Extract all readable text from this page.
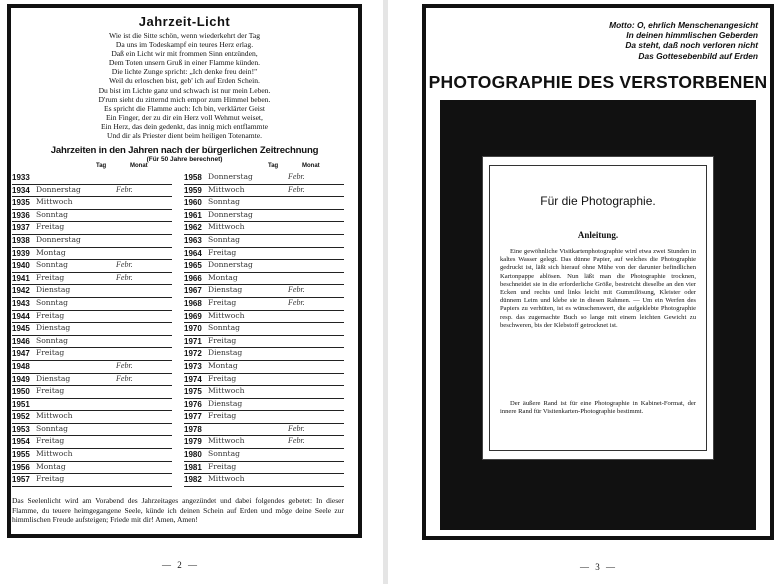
Jahrzeit-Licht
Wie ist die Sitte schön, wenn wiederkehrt der Tag
Da uns im Todeskampf ein teures Herz erlag.
Daß ein Licht wir mit frommen Sinn entzünden,
Dem Toten unsern Gruß in einer Flamme künden.
Die lichte Zunge spricht: „Ich denke freu dein!"
Weil du erloschen bist, geb' ich auf Erden Schein.
Du bist im Lichte ganz und schwach ist nur mein Leben.
D'rum sieht du zitternd mich empor zum Himmel beben.
Es spricht die Flamme auch: Ich bin, verklärter Geist
Ein Finger, der zu dir ein Herz voll Wehmut weiset,
Ein Herz, das dein gedenkt, das innig mich entflammte
Und dir als Priester dient beim heiligen Totenamte.
Jahrzeiten in den Jahren nach der bürgerlichen Zeitrechnung
(Für 50 Jahre berechnet)
Tag	Monat
1933
1934 Donnerstag	Febr.
1935 Mittwoch
1936 Sonntag
1937 Freitag
1938 Donnerstag
1939 Montag
1940 Sonntag	Febr.
1941 Freitag	Febr.
1942 Dienstag
1943 Sonntag
1944 Freitag
1945 Dienstag
1946 Sonntag
1947 Freitag
1948	Febr.
1949 Dienstag	Febr.
1950 Freitag
1951
1952 Mittwoch
1953 Sonntag
1954 Freitag
1955 Mittwoch
1956 Montag
1957 Freitag
Tag	Monat
1958 Donnerstag	Febr.
1959 Mittwoch	Febr.
1960 Sonntag
1961 Donnerstag
1962 Mittwoch
1963 Sonntag
1964 Freitag
1965 Donnerstag
1966 Montag
1967 Dienstag	Febr.
1968 Freitag	Febr.
1969 Mittwoch
1970 Sonntag
1971 Freitag
1972 Dienstag
1973 Montag
1974 Freitag
1975 Mittwoch
1976 Dienstag
1977 Freitag
1978	Febr.
1979 Mittwoch	Febr.
1980 Sonntag
1981 Freitag
1982 Mittwoch
Das Seelenlicht wird am Vorabend des Jahrzeitages angezündet und dabei folgendes gebetet: In dieser Flamme, du teuere heimgegangene Seele, künde ich deinen Schein auf Erden und möge deine Seele zur himmlischen Freude aufsteigen; Friede mit dir! Amen, Amen!
— 2 —
Motto: O, ehrlich Menschenangesicht
In deinen himmlischen Geberden
Da steht, daß noch verloren nicht
Das Gottesebenbild auf Erden
PHOTOGRAPHIE DES VERSTORBENEN
Für die Photographie.
Anleitung.

Eine gewöhnliche Visitkartenphotographie wird etwa zwei Stunden in kaltes Wasser gelegt. Das dünne Papier, auf welches die Photographie gedruckt ist, läßt sich hierauf ohne Mühe von der darunter befindlichen Kartonpappe ablösen. Nun läßt man die Photographie trocknen, beschneidet sie in die erforderliche Größe, bestreicht dieselbe an den vier Ecken und rechts und links leicht mit Gummilösung, Kleister oder dünnem Leim und klebe sie in diesen Rahmen. — Um ein Werfen des Papiers zu verhüten, ist es wünschenswert, die aufgeklebte Photographie resp. das zugemachte Buch so lange mit einem leichten Gewicht zu beschweren, bis der Klebstoff getrocknet ist.

Der äußere Rand ist für eine Photographie in Kabinet-Format, der innere Rand für Visitenkarten-Photographie bestimmt.

— 3 —
